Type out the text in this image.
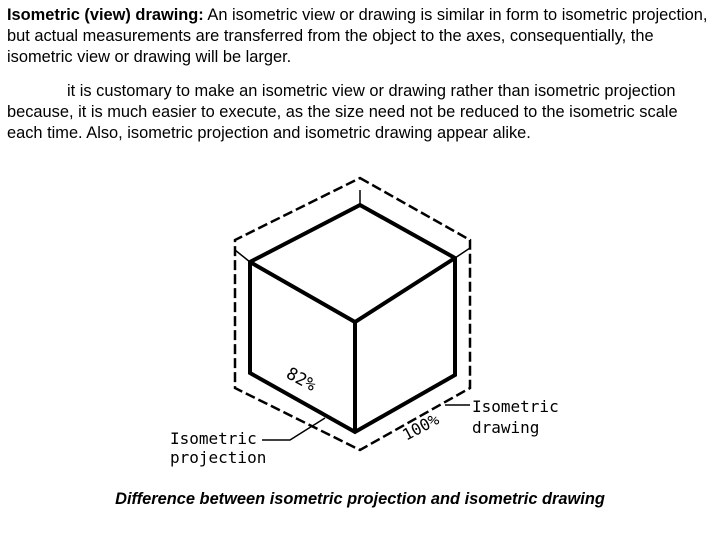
Isometric (view) drawing: An isometric view or drawing is similar in form to isometric projection, but actual measurements are transferred from the object to the axes, consequentially, the isometric view or drawing will be larger.
it is customary to make an isometric view or drawing rather than isometric projection because, it is much easier to execute, as the size need not be reduced to the isometric scale each time. Also, isometric projection and isometric drawing appear alike.
82%
100%
Isometric
drawing
Isometric
projection
Difference between isometric projection and isometric drawing
